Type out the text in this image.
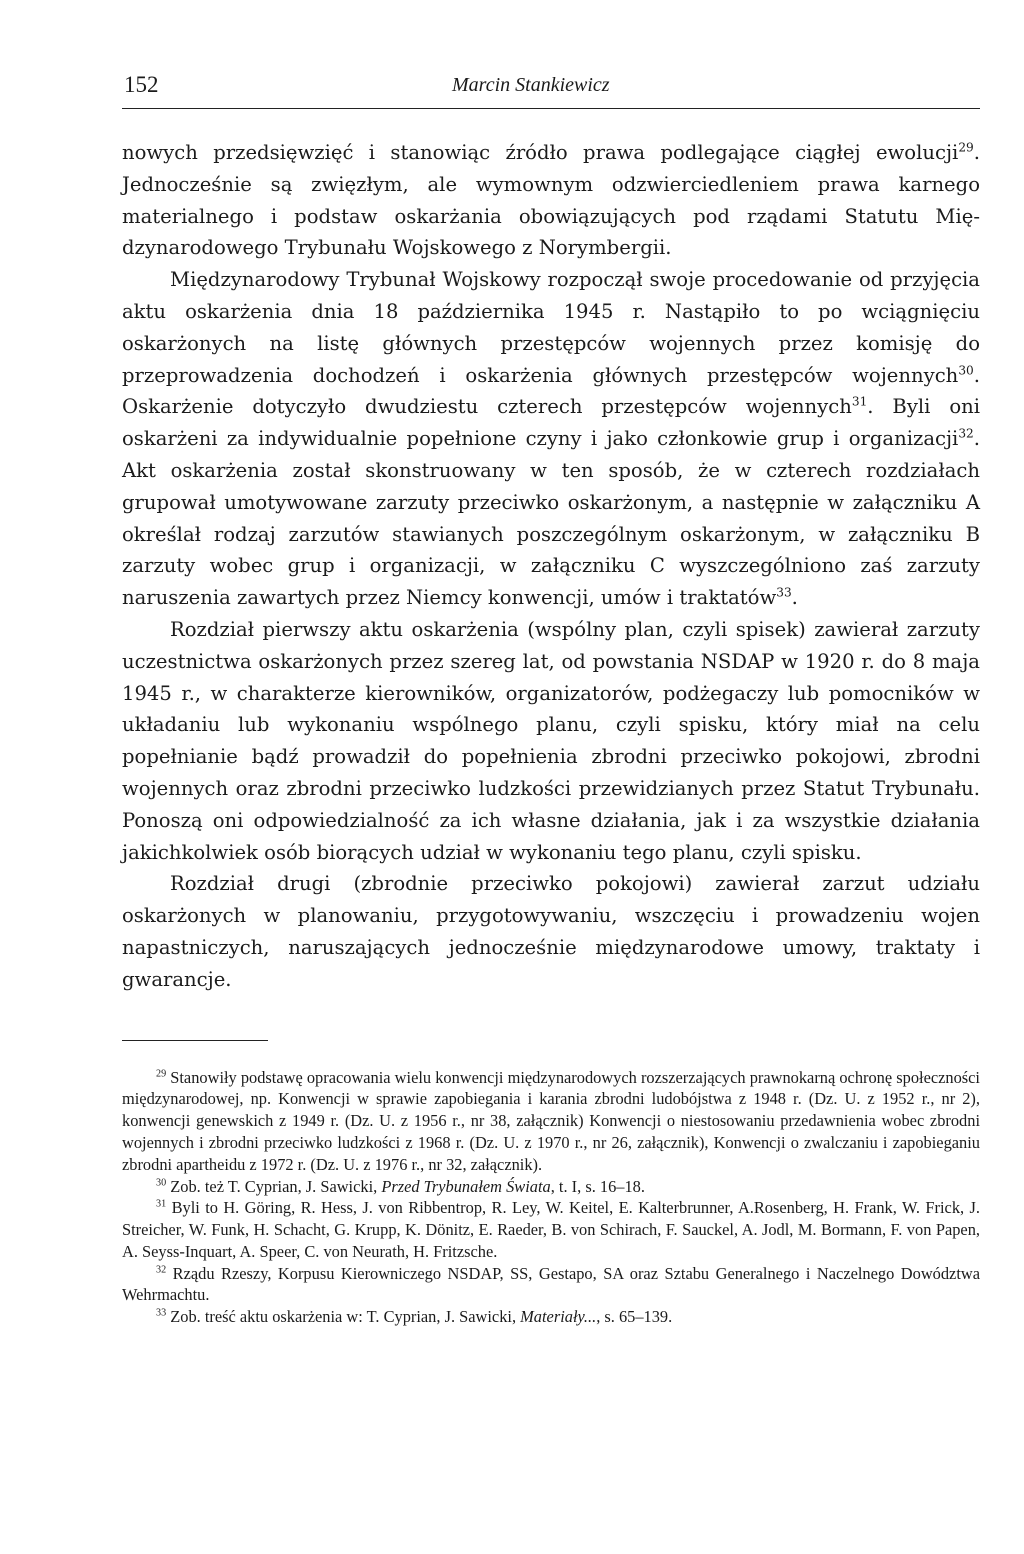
152	Marcin Stankiewicz

nowych przedsięwzięć i stanowiąc źródło prawa podlegające ciągłej ewolucji$^{29}$. Jednocześnie są zwięzłym, ale wymownym odzwierciedleniem prawa karnego materialnego i podstaw oskarżania obowiązujących pod rządami Statutu Międzynarodowego Trybunału Wojskowego z Norymbergii.

Międzynarodowy Trybunał Wojskowy rozpoczął swoje procedowanie od przyjęcia aktu oskarżenia dnia 18 października 1945 r. Nastąpiło to po wciągnięciu oskarżonych na listę głównych przestępców wojennych przez komisję do przeprowadzenia dochodzeń i oskarżenia głównych przestępców wojennych$^{30}$. Oskarżenie dotyczyło dwudziestu czterech przestępców wojennych$^{31}$. Byli oni oskarżeni za indywidualnie popełnione czyny i jako członkowie grup i organizacji$^{32}$. Akt oskarżenia został skonstruowany w ten sposób, że w czterech rozdziałach grupował umotywowane zarzuty przeciwko oskarżonym, a następnie w załączniku A określał rodzaj zarzutów stawianych poszczególnym oskarżonym, w załączniku B zarzuty wobec grup i organizacji, w załączniku C wyszczególniono zaś zarzuty naruszenia zawartych przez Niemcy konwencji, umów i traktatów$^{33}$.

Rozdział pierwszy aktu oskarżenia (wspólny plan, czyli spisek) zawierał zarzuty uczestnictwa oskarżonych przez szereg lat, od powstania NSDAP w 1920 r. do 8 maja 1945 r., w charakterze kierowników, organizatorów, podżegaczy lub pomocników w układaniu lub wykonaniu wspólnego planu, czyli spisku, który miał na celu popełnianie bądź prowadził do popełnienia zbrodni przeciwko pokojowi, zbrodni wojennych oraz zbrodni przeciwko ludzkości przewidzianych przez Statut Trybunału. Ponoszą oni odpowiedzialność za ich własne działania, jak i za wszystkie działania jakichkolwiek osób biorących udział w wykonaniu tego planu, czyli spisku.

Rozdział drugi (zbrodnie przeciwko pokojowi) zawierał zarzut udziału oskarżonych w planowaniu, przygotowywaniu, wszczęciu i prowadzeniu wojen napastniczych, naruszających jednocześnie międzynarodowe umowy, traktaty i gwarancje.

$^{29}$ Stanowiły podstawę opracowania wielu konwencji międzynarodowych rozszerzających prawnokarną ochronę społeczności międzynarodowej, np. Konwencji w sprawie zapobiegania i karania zbrodni ludobójstwa z 1948 r. (Dz. U. z 1952 r., nr 2), konwencji genewskich z 1949 r. (Dz. U. z 1956 r., nr 38, załącznik) Konwencji o niestosowaniu przedawnienia wobec zbrodni wojennych i zbrodni przeciwko ludzkości z 1968 r. (Dz. U. z 1970 r., nr 26, załącznik), Konwencji o zwalczaniu i zapobieganiu zbrodni apartheidu z 1972 r. (Dz. U. z 1976 r., nr 32, załącznik).

$^{30}$ Zob. też T. Cyprian, J. Sawicki, Przed Trybunałem Świata, t. I, s. 16–18.

$^{31}$ Byli to H. Göring, R. Hess, J. von Ribbentrop, R. Ley, W. Keitel, E. Kalterbrunner, A.Rosenberg, H. Frank, W. Frick, J. Streicher, W. Funk, H. Schacht, G. Krupp, K. Dönitz, E. Raeder, B. von Schirach, F. Sauckel, A. Jodl, M. Bormann, F. von Papen, A. Seyss-Inquart, A. Speer, C. von Neurath, H. Fritzsche.

$^{32}$ Rządu Rzeszy, Korpusu Kierowniczego NSDAP, SS, Gestapo, SA oraz Sztabu Generalnego i Naczelnego Dowództwa Wehrmachtu.

$^{33}$ Zob. treść aktu oskarżenia w: T. Cyprian, J. Sawicki, Materiały..., s. 65–139.
